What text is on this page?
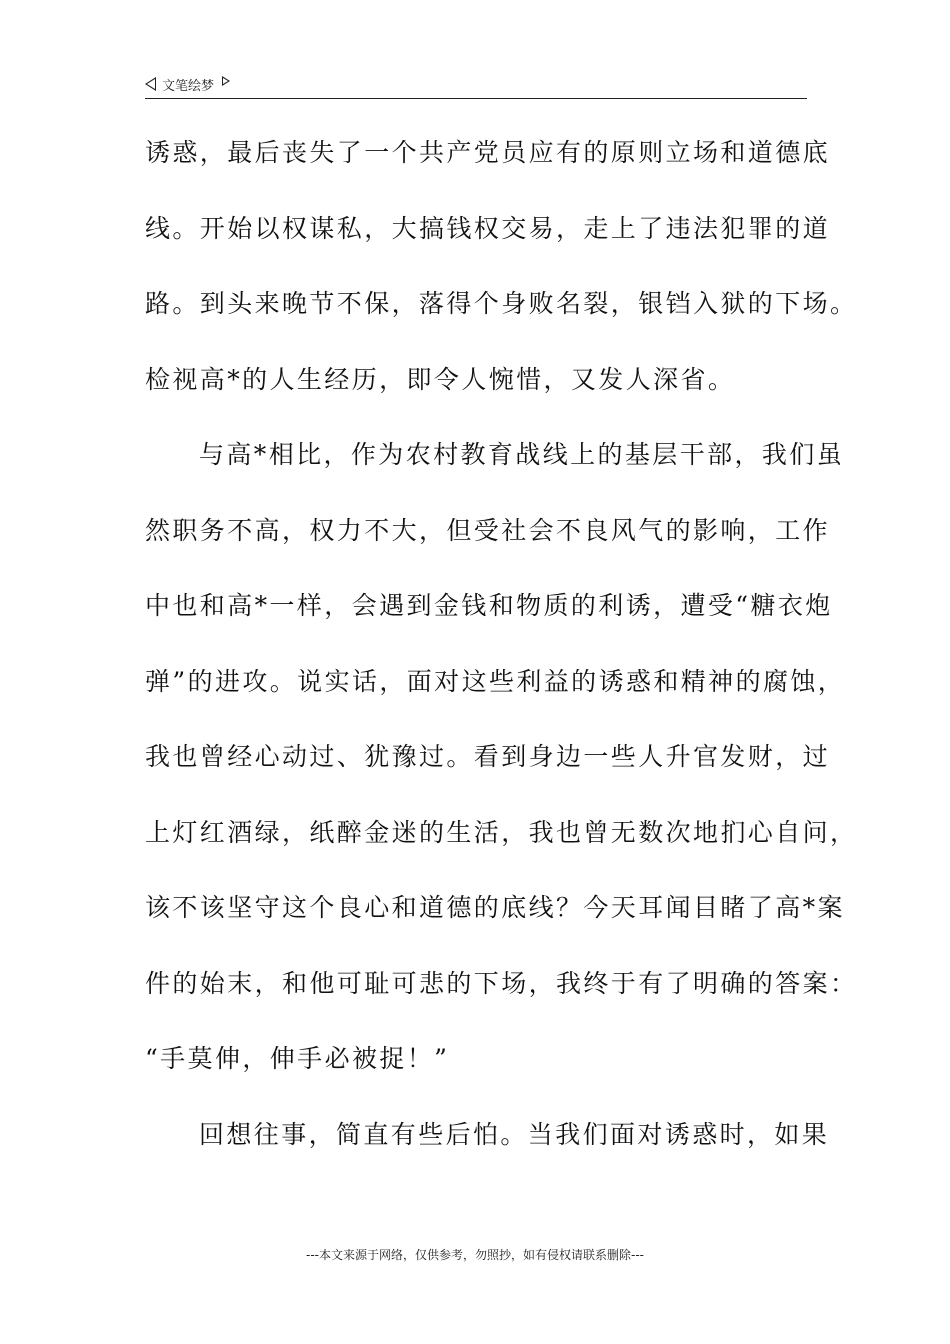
文笔绘梦
诱惑，最后丧失了一个共产党员应有的原则立场和道德底
线。开始以权谋私，大搞钱权交易，走上了违法犯罪的道
路。到头来晚节不保，落得个身败名裂，银铛入狱的下场。
检视高*的人生经历，即令人惋惜，又发人深省。
与高*相比，作为农村教育战线上的基层干部，我们虽
然职务不高，权力不大，但受社会不良风气的影响，工作
中也和高*一样，会遇到金钱和物质的利诱，遭受“糖衣炮
弹”的进攻。说实话，面对这些利益的诱惑和精神的腐蚀，
我也曾经心动过、犹豫过。看到身边一些人升官发财，过
上灯红酒绿，纸醉金迷的生活，我也曾无数次地扪心自问，
该不该坚守这个良心和道德的底线？今天耳闻目睹了高*案
件的始末，和他可耻可悲的下场，我终于有了明确的答案：
“手莫伸，伸手必被捉！”
回想往事，简直有些后怕。当我们面对诱惑时，如果
---本文来源于网络，仅供参考，勿照抄，如有侵权请联系删除---
